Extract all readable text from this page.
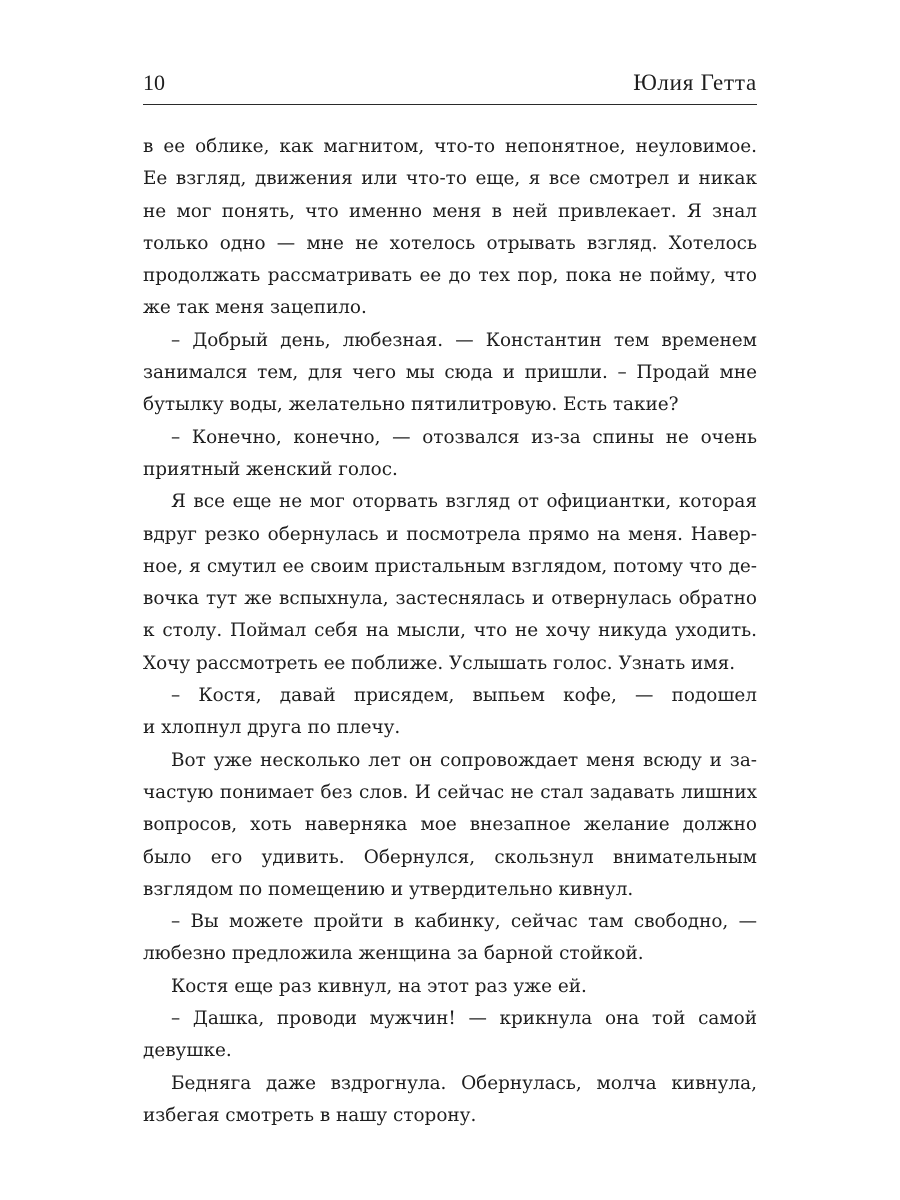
10	Юлия Гетта
в ее облике, как магнитом, что-то непонятное, неуловимое.
Ее взгляд, движения или что-то еще, я все смотрел и никак
не мог понять, что именно меня в ней привлекает. Я знал
только одно — мне не хотелось отрывать взгляд. Хотелось
продолжать рассматривать ее до тех пор, пока не пойму, что
же так меня зацепило.
– Добрый день, любезная. — Константин тем временем
занимался тем, для чего мы сюда и пришли. – Продай мне
бутылку воды, желательно пятилитровую. Есть такие?
– Конечно, конечно, — отозвался из-за спины не очень
приятный женский голос.
Я все еще не мог оторвать взгляд от официантки, которая
вдруг резко обернулась и посмотрела прямо на меня. Навер-
ное, я смутил ее своим пристальным взглядом, потому что де-
вочка тут же вспыхнула, застеснялась и отвернулась обратно
к столу. Поймал себя на мысли, что не хочу никуда уходить.
Хочу рассмотреть ее поближе. Услышать голос. Узнать имя.
– Костя, давай присядем, выпьем кофе, — подошел
и хлопнул друга по плечу.
Вот уже несколько лет он сопровождает меня всюду и за-
частую понимает без слов. И сейчас не стал задавать лишних
вопросов, хоть наверняка мое внезапное желание должно
было его удивить. Обернулся, скользнул внимательным
взглядом по помещению и утвердительно кивнул.
– Вы можете пройти в кабинку, сейчас там свободно, —
любезно предложила женщина за барной стойкой.
Костя еще раз кивнул, на этот раз уже ей.
– Дашка, проводи мужчин! — крикнула она той самой
девушке.
Бедняга даже вздрогнула. Обернулась, молча кивнула,
избегая смотреть в нашу сторону.
